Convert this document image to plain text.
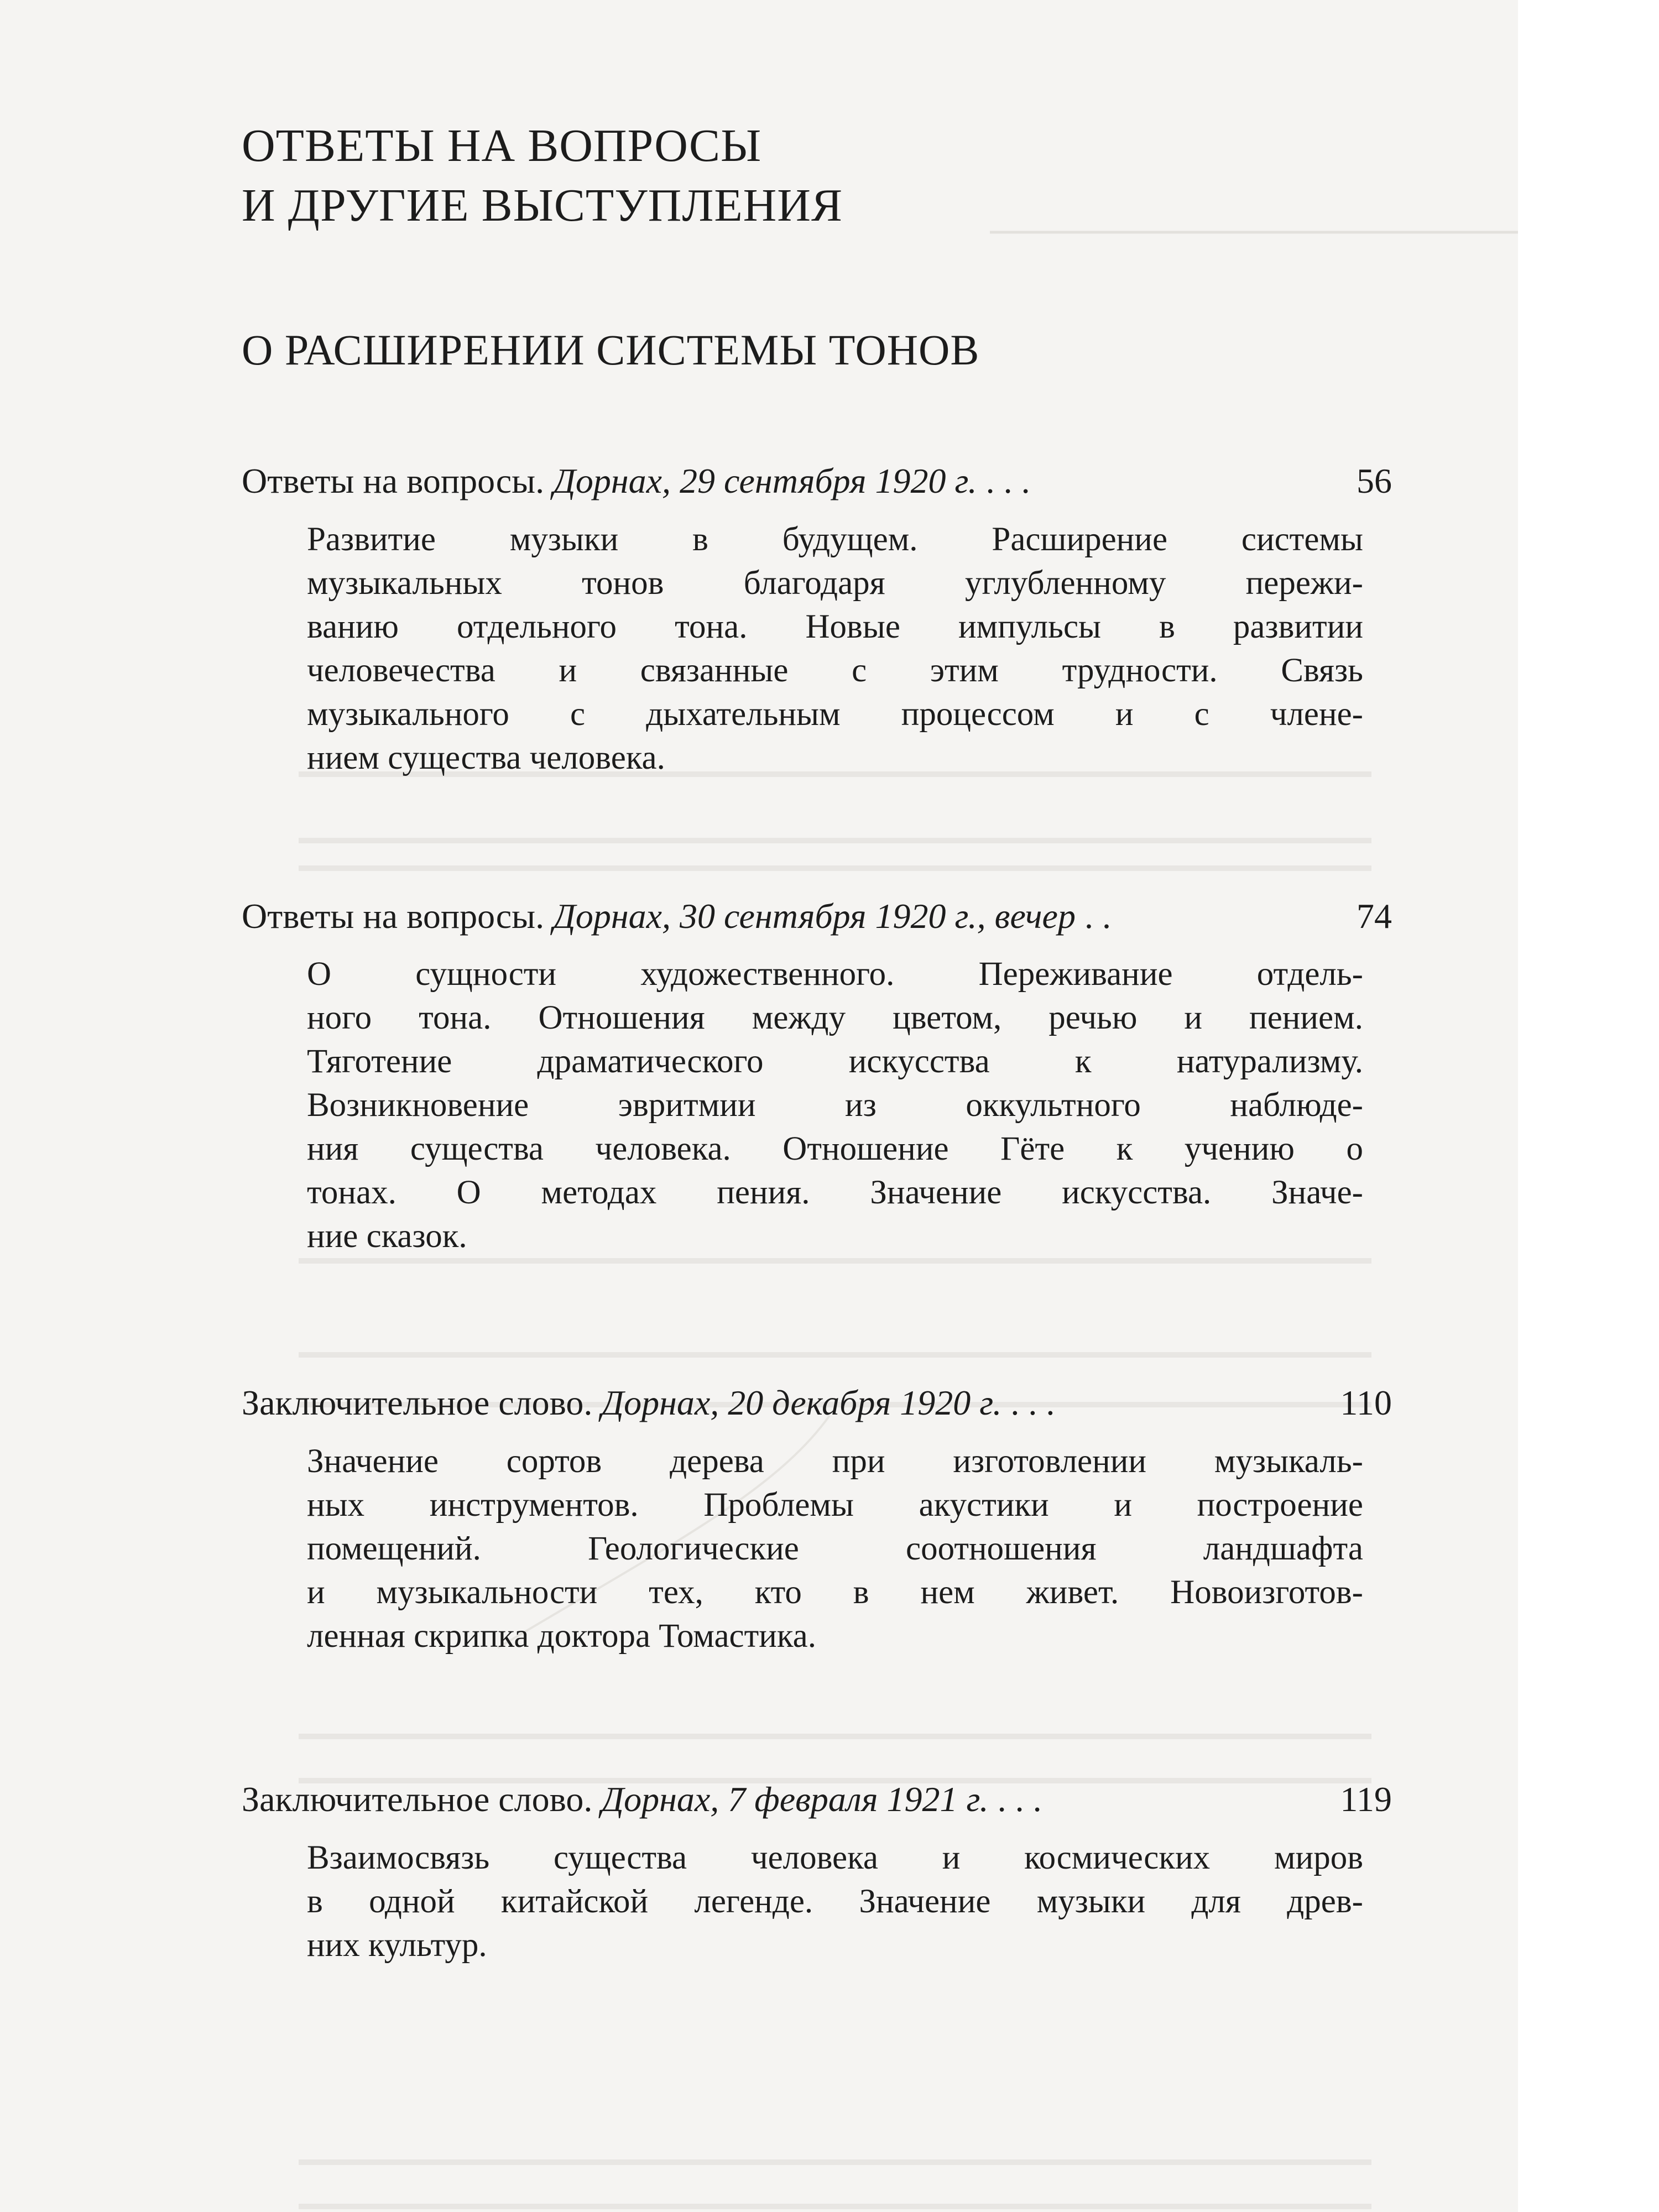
ОТВЕТЫ НА ВОПРОСЫ
И ДРУГИЕ ВЫСТУПЛЕНИЯ
О РАСШИРЕНИИ СИСТЕМЫ ТОНОВ
Ответы на вопросы. Дорнах, 29 сентября 1920 г. . . .	56
Развитие музыки в будущем. Расширение системы
музыкальных тонов благодаря углубленному пережи-
ванию отдельного тона. Новые импульсы в развитии
человечества и связанные с этим трудности. Связь
музыкального с дыхательным процессом и с члене-
нием существа человека.
Ответы на вопросы. Дорнах, 30 сентября 1920 г., вечер . .	74
О сущности художественного. Переживание отдель-
ного тона. Отношения между цветом, речью и пением.
Тяготение драматического искусства к натурализму.
Возникновение эвритмии из оккультного наблюде-
ния существа человека. Отношение Гёте к учению о
тонах. О методах пения. Значение искусства. Значе-
ние сказок.
Заключительное слово. Дорнах, 20 декабря 1920 г. . . .	110
Значение сортов дерева при изготовлении музыкаль-
ных инструментов. Проблемы акустики и построение
помещений. Геологические соотношения ландшафта
и музыкальности тех, кто в нем живет. Новоизготов-
ленная скрипка доктора Томастика.
Заключительное слово. Дорнах, 7 февраля 1921 г. . . .	119
Взаимосвязь существа человека и космических миров
в одной китайской легенде. Значение музыки для древ-
них культур.
